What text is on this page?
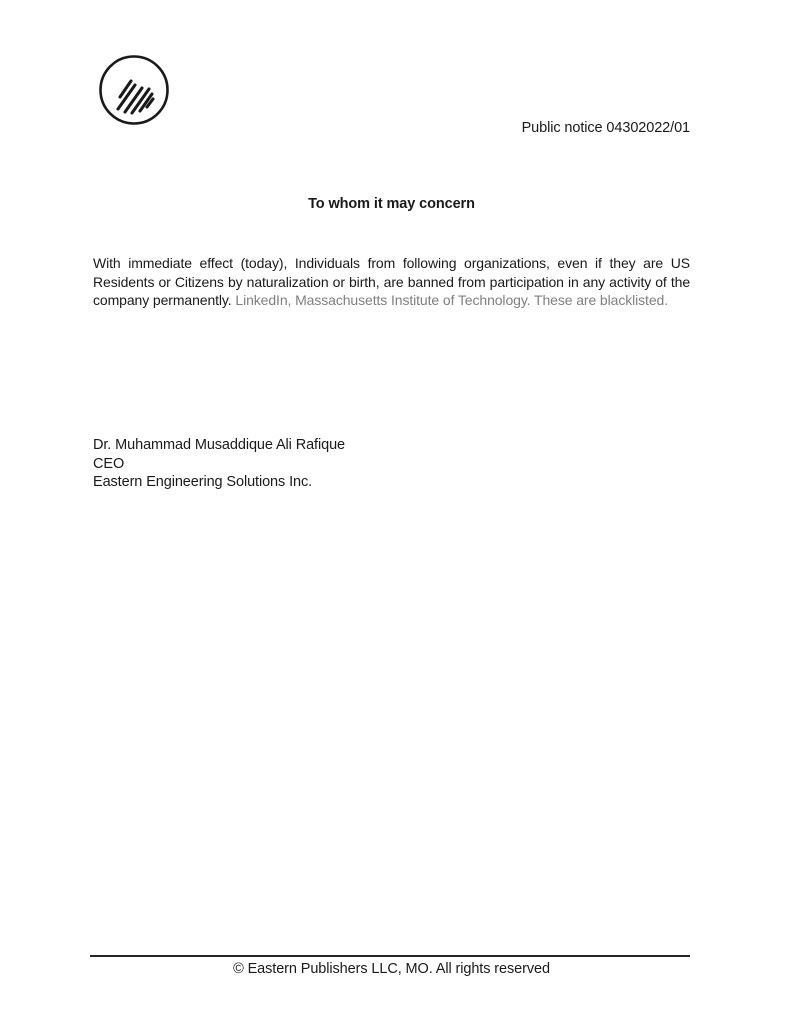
Public notice 04302022/01
To whom it may concern
With immediate effect (today), Individuals from following organizations, even if they are US Residents or Citizens by naturalization or birth, are banned from participation in any activity of the company permanently. LinkedIn, Massachusetts Institute of Technology. These are blacklisted.
Dr. Muhammad Musaddique Ali Rafique
CEO
Eastern Engineering Solutions Inc.
© Eastern Publishers LLC, MO. All rights reserved
